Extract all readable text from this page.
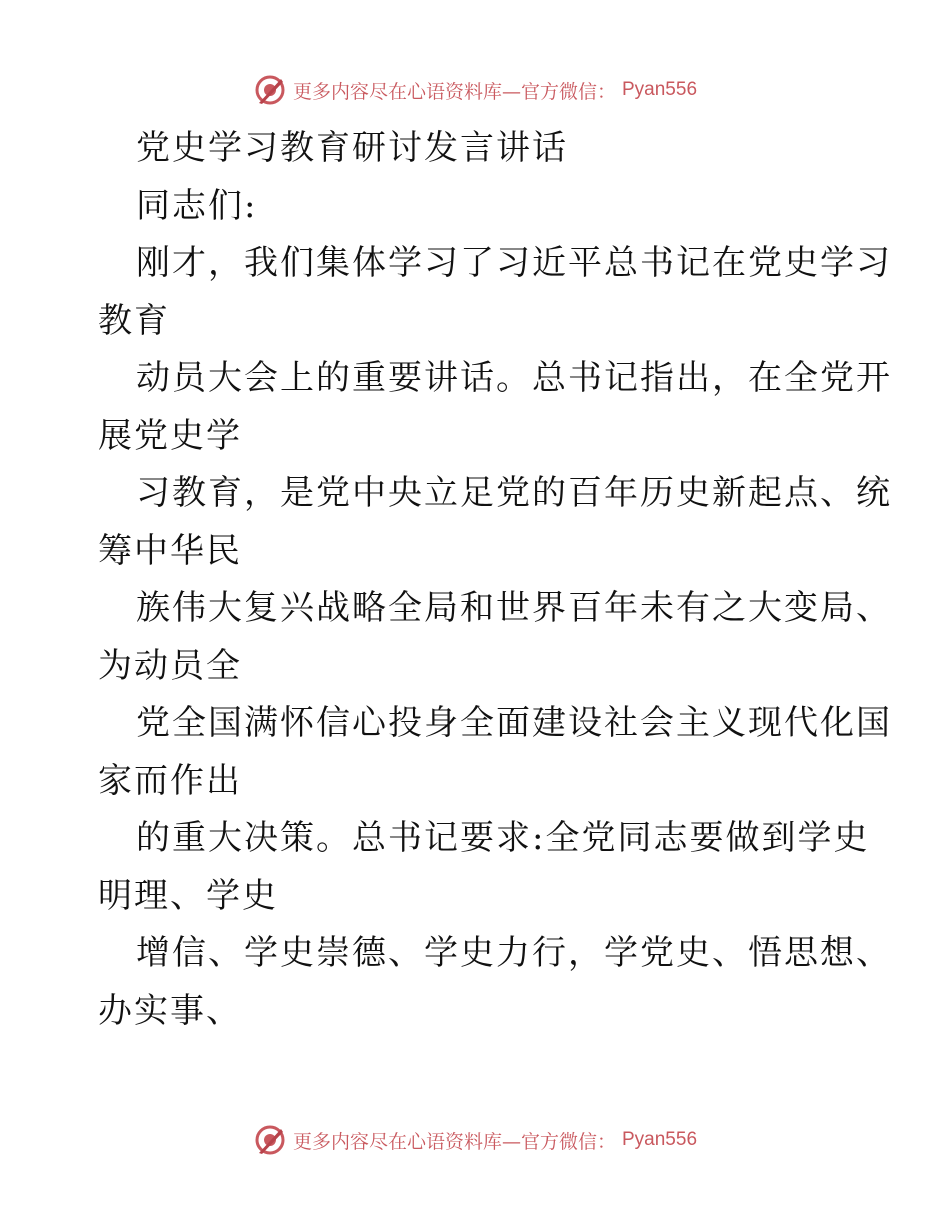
更多内容尽在心语资料库—官方微信： Pyan556
党史学习教育研讨发言讲话
同志们:
刚才，我们集体学习了习近平总书记在党史学习
教育
动员大会上的重要讲话。总书记指出，在全党开
展党史学
习教育，是党中央立足党的百年历史新起点、统
筹中华民
族伟大复兴战略全局和世界百年未有之大变局、
为动员全
党全国满怀信心投身全面建设社会主义现代化国
家而作出
的重大决策。总书记要求:全党同志要做到学史
明理、学史
增信、学史崇德、学史力行，学党史、悟思想、
办实事、
更多内容尽在心语资料库—官方微信： Pyan556
